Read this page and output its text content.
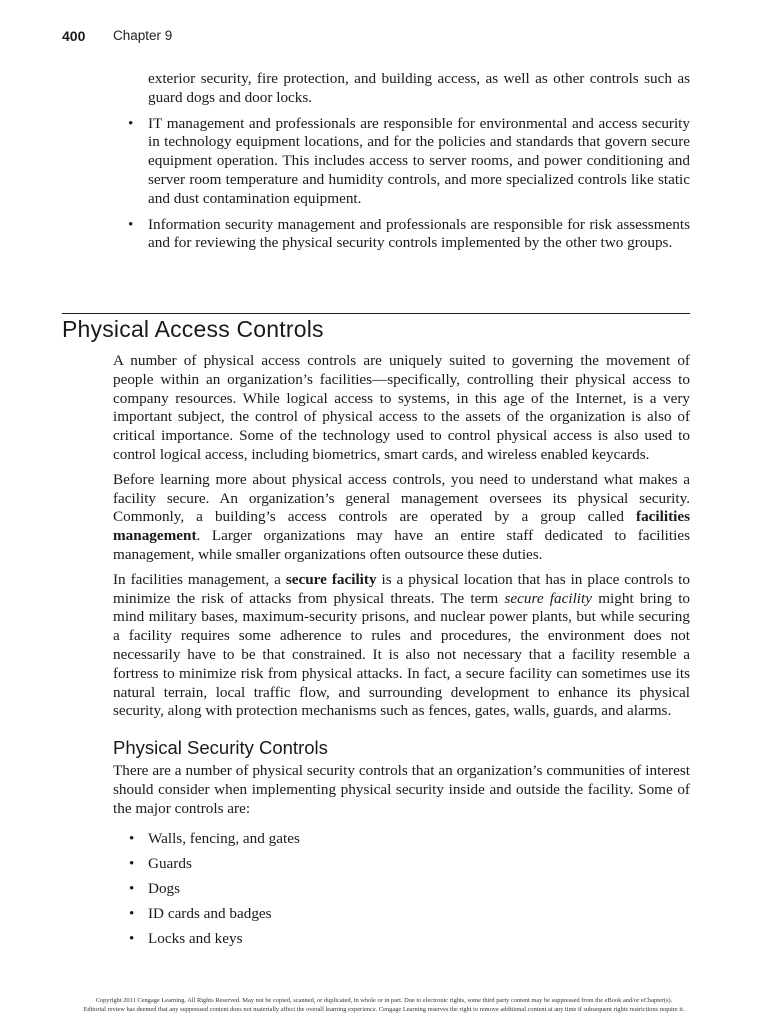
400 Chapter 9
exterior security, fire protection, and building access, as well as other controls such as guard dogs and door locks.
• IT management and professionals are responsible for environmental and access security in technology equipment locations, and for the policies and standards that govern secure equipment operation. This includes access to server rooms, and power conditioning and server room temperature and humidity controls, and more specialized controls like static and dust contamination equipment.
• Information security management and professionals are responsible for risk assessments and for reviewing the physical security controls implemented by the other two groups.
Physical Access Controls

A number of physical access controls are uniquely suited to governing the movement of people within an organization’s facilities—specifically, controlling their physical access to company resources. While logical access to systems, in this age of the Internet, is a very important subject, the control of physical access to the assets of the organization is also of critical importance. Some of the technology used to control physical access is also used to control logical access, including biometrics, smart cards, and wireless enabled keycards.

Before learning more about physical access controls, you need to understand what makes a facility secure. An organization’s general management oversees its physical security. Commonly, a building’s access controls are operated by a group called facilities management. Larger organizations may have an entire staff dedicated to facilities management, while smaller organizations often outsource these duties.

In facilities management, a secure facility is a physical location that has in place controls to minimize the risk of attacks from physical threats. The term secure facility might bring to mind military bases, maximum-security prisons, and nuclear power plants, but while securing a facility requires some adherence to rules and procedures, the environment does not necessarily have to be that constrained. It is also not necessary that a facility resemble a fortress to minimize risk from physical attacks. In fact, a secure facility can sometimes use its natural terrain, local traffic flow, and surrounding development to enhance its physical security, along with protection mechanisms such as fences, gates, walls, guards, and alarms.

Physical Security Controls

There are a number of physical security controls that an organization’s communities of interest should consider when implementing physical security inside and outside the facility. Some of the major controls are:

• Walls, fencing, and gates
• Guards
• Dogs
• ID cards and badges
• Locks and keys
Copyright 2011 Cengage Learning. All Rights Reserved. May not be copied, scanned, or duplicated, in whole or in part. Due to electronic rights, some third party content may be suppressed from the eBook and/or eChapter(s).
Editorial review has deemed that any suppressed content does not materially affect the overall learning experience. Cengage Learning reserves the right to remove additional content at any time if subsequent rights restrictions require it.
